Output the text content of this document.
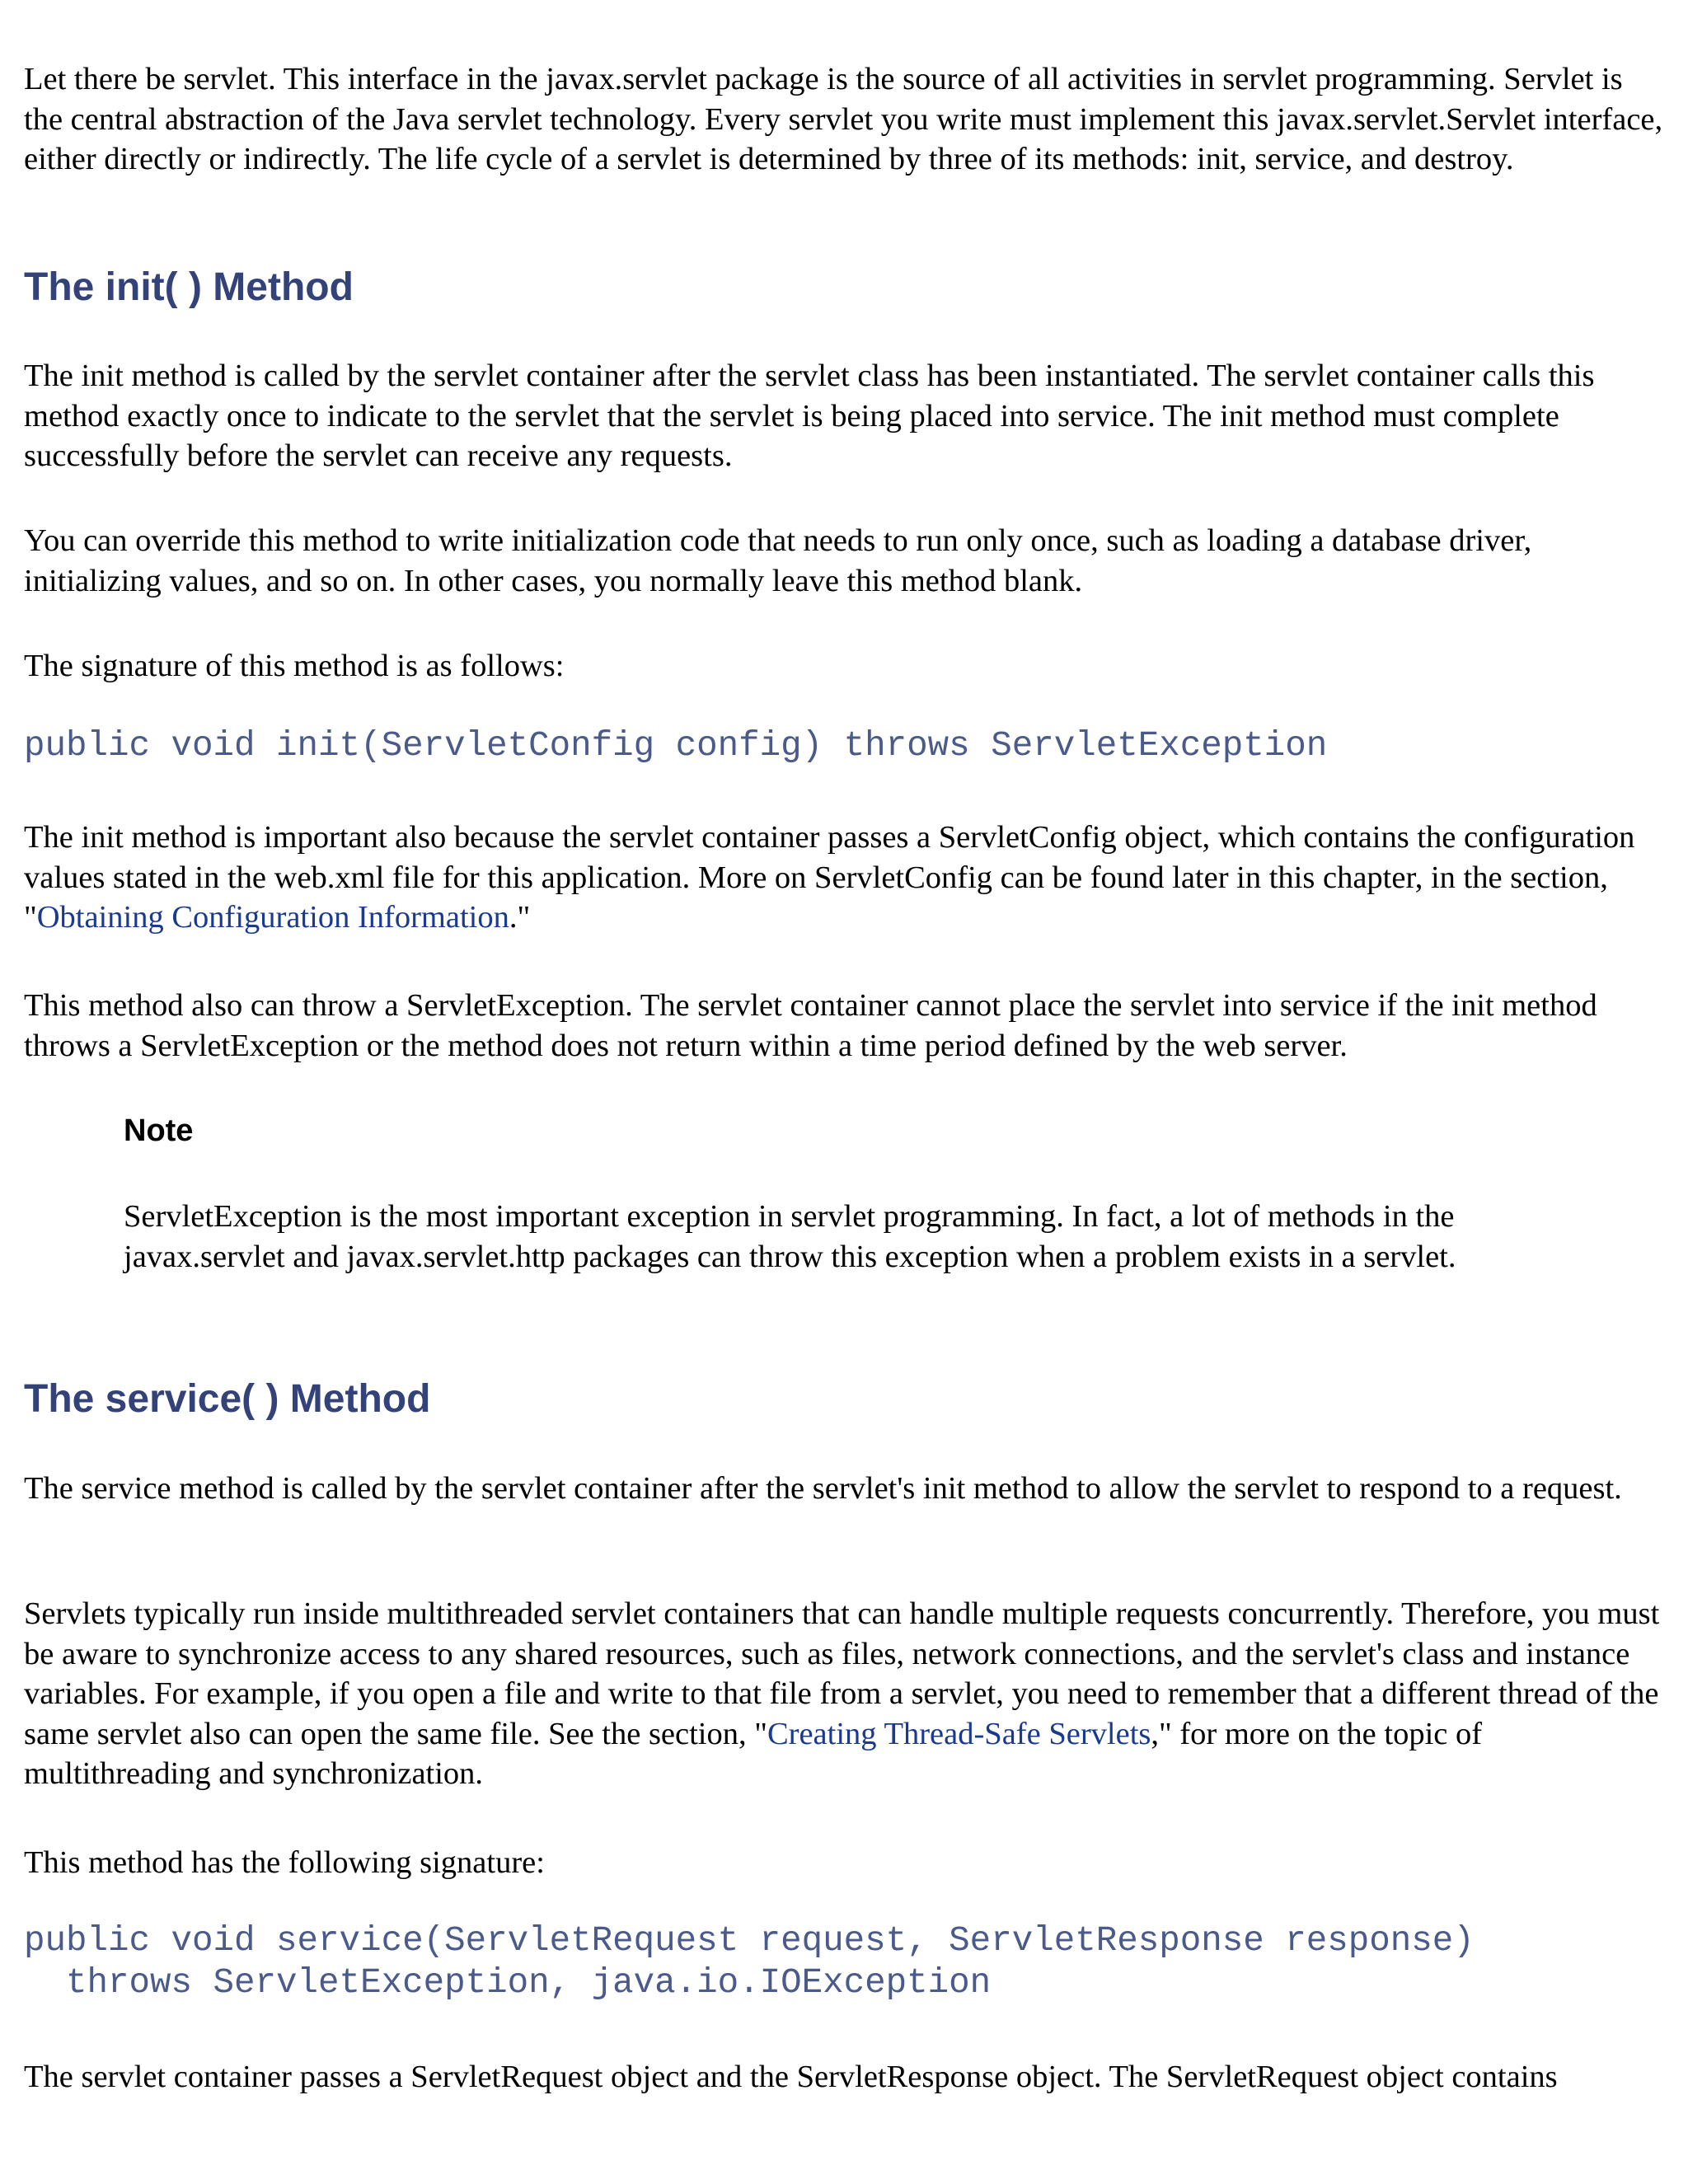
Let there be servlet. This interface in the javax.servlet package is the source of all activities in servlet programming. Servlet is the central abstraction of the Java servlet technology. Every servlet you write must implement this javax.servlet.Servlet interface, either directly or indirectly. The life cycle of a servlet is determined by three of its methods: init, service, and destroy.

The init( ) Method

The init method is called by the servlet container after the servlet class has been instantiated. The servlet container calls this method exactly once to indicate to the servlet that the servlet is being placed into service. The init method must complete successfully before the servlet can receive any requests.

You can override this method to write initialization code that needs to run only once, such as loading a database driver, initializing values, and so on. In other cases, you normally leave this method blank.

The signature of this method is as follows:

public void init(ServletConfig config) throws ServletException

The init method is important also because the servlet container passes a ServletConfig object, which contains the configuration values stated in the web.xml file for this application. More on ServletConfig can be found later in this chapter, in the section, "Obtaining Configuration Information."

This method also can throw a ServletException. The servlet container cannot place the servlet into service if the init method throws a ServletException or the method does not return within a time period defined by the web server.

Note

ServletException is the most important exception in servlet programming. In fact, a lot of methods in the javax.servlet and javax.servlet.http packages can throw this exception when a problem exists in a servlet.

The service( ) Method

The service method is called by the servlet container after the servlet's init method to allow the servlet to respond to a request.

Servlets typically run inside multithreaded servlet containers that can handle multiple requests concurrently. Therefore, you must be aware to synchronize access to any shared resources, such as files, network connections, and the servlet's class and instance variables. For example, if you open a file and write to that file from a servlet, you need to remember that a different thread of the same servlet also can open the same file. See the section, "Creating Thread-Safe Servlets," for more on the topic of multithreading and synchronization.

This method has the following signature:

public void service(ServletRequest request, ServletResponse response)
throws ServletException, java.io.IOException

The servlet container passes a ServletRequest object and the ServletResponse object. The ServletRequest object contains
